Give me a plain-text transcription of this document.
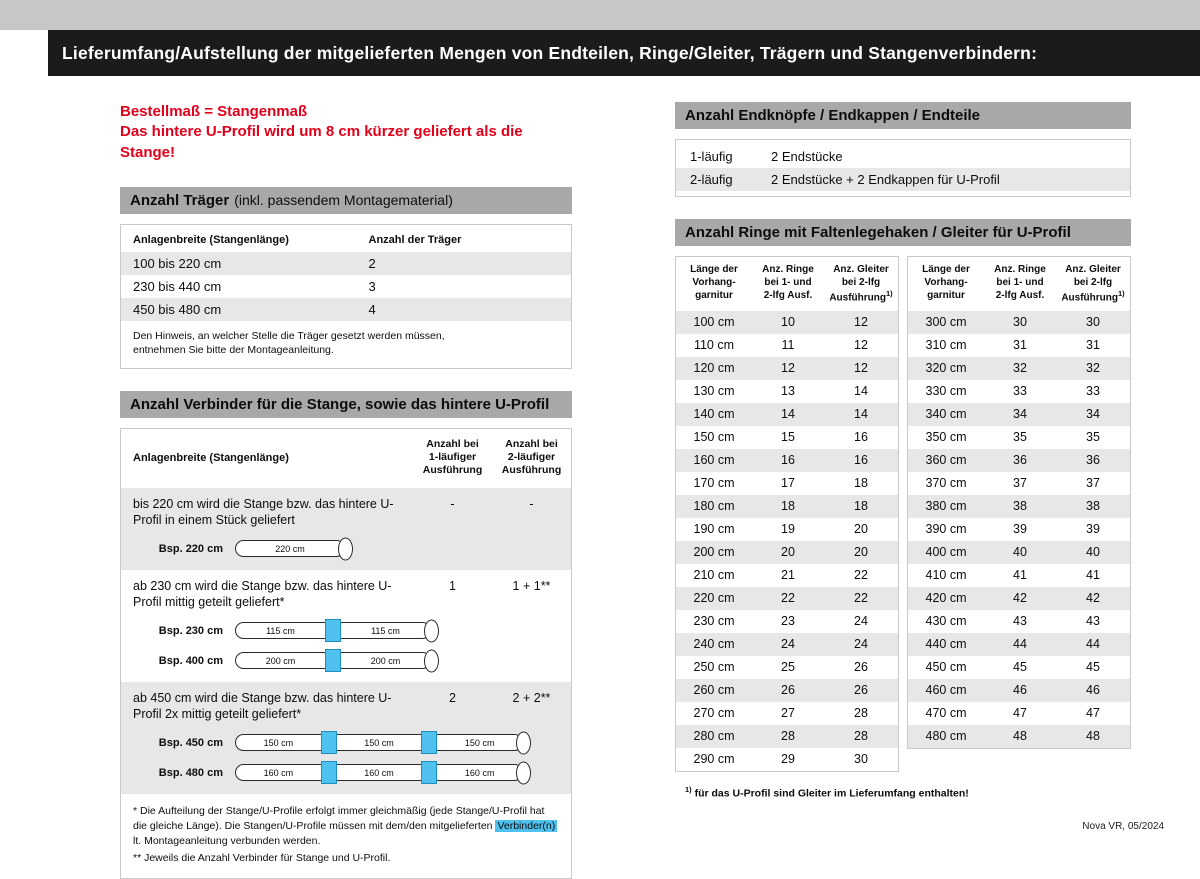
Lieferumfang/Aufstellung der mitgelieferten Mengen von Endteilen, Ringe/Gleiter, Trägern und Stangenverbindern:
Bestellmaß = Stangenmaß
Das hintere U-Profil wird um 8 cm kürzer geliefert als die Stange!
Anzahl Träger (inkl. passendem Montagematerial)
Anlagenbreite (Stangenlänge)	Anzahl der Träger
100 bis 220 cm	2
230 bis 440 cm	3
450 bis 480 cm	4
Den Hinweis, an welcher Stelle die Träger gesetzt werden müssen, entnehmen Sie bitte der Montageanleitung.
Anzahl Verbinder für die Stange, sowie das hintere U-Profil
Anlagenbreite (Stangenlänge)
Anzahl bei
1-läufiger
Ausführung
Anzahl bei
2-läufiger
Ausführung
bis 220 cm wird die Stange bzw. das hintere U-Profil in einem Stück geliefert
-	-
Bsp. 220 cm	220 cm
ab 230 cm wird die Stange bzw. das hintere U-Profil mittig geteilt geliefert*
1	1 + 1**
Bsp. 230 cm	115 cm	115 cm
Bsp. 400 cm	200 cm	200 cm
ab 450 cm wird die Stange bzw. das hintere U-Profil 2x mittig geteilt geliefert*
2	2 + 2**
Bsp. 450 cm	150 cm	150 cm	150 cm
Bsp. 480 cm	160 cm	160 cm	160 cm
* Die Aufteilung der Stange/U-Profile erfolgt immer gleichmäßig (jede Stange/U-Profil hat die gleiche Länge). Die Stangen/U-Profile müssen mit dem/den mitgelieferten Verbinder(n) lt. Montageanleitung verbunden werden.
** Jeweils die Anzahl Verbinder für Stange und U-Profil.
Anzahl Endknöpfe / Endkappen / Endteile
1-läufig	2 Endstücke
2-läufig	2 Endstücke + 2 Endkappen für U-Profil
Anzahl Ringe mit Faltenlegehaken / Gleiter für U-Profil
Länge der
Vorhang-
garnitur
Anz. Ringe
bei 1- und
2-lfg Ausf.
Anz. Gleiter
bei 2-lfg
Ausführung$^{1)}$
100 cm	10	12
110 cm	11	12
120 cm	12	12
130 cm	13	14
140 cm	14	14
150 cm	15	16
160 cm	16	16
170 cm	17	18
180 cm	18	18
190 cm	19	20
200 cm	20	20
210 cm	21	22
220 cm	22	22
230 cm	23	24
240 cm	24	24
250 cm	25	26
260 cm	26	26
270 cm	27	28
280 cm	28	28
290 cm	29	30
Länge der
Vorhang-
garnitur
Anz. Ringe
bei 1- und
2-lfg Ausf.
Anz. Gleiter
bei 2-lfg
Ausführung$^{1)}$
300 cm	30	30
310 cm	31	31
320 cm	32	32
330 cm	33	33
340 cm	34	34
350 cm	35	35
360 cm	36	36
370 cm	37	37
380 cm	38	38
390 cm	39	39
400 cm	40	40
410 cm	41	41
420 cm	42	42
430 cm	43	43
440 cm	44	44
450 cm	45	45
460 cm	46	46
470 cm	47	47
480 cm	48	48
$^{1)}$ für das U-Profil sind Gleiter im Lieferumfang enthalten!
Nova VR, 05/2024
